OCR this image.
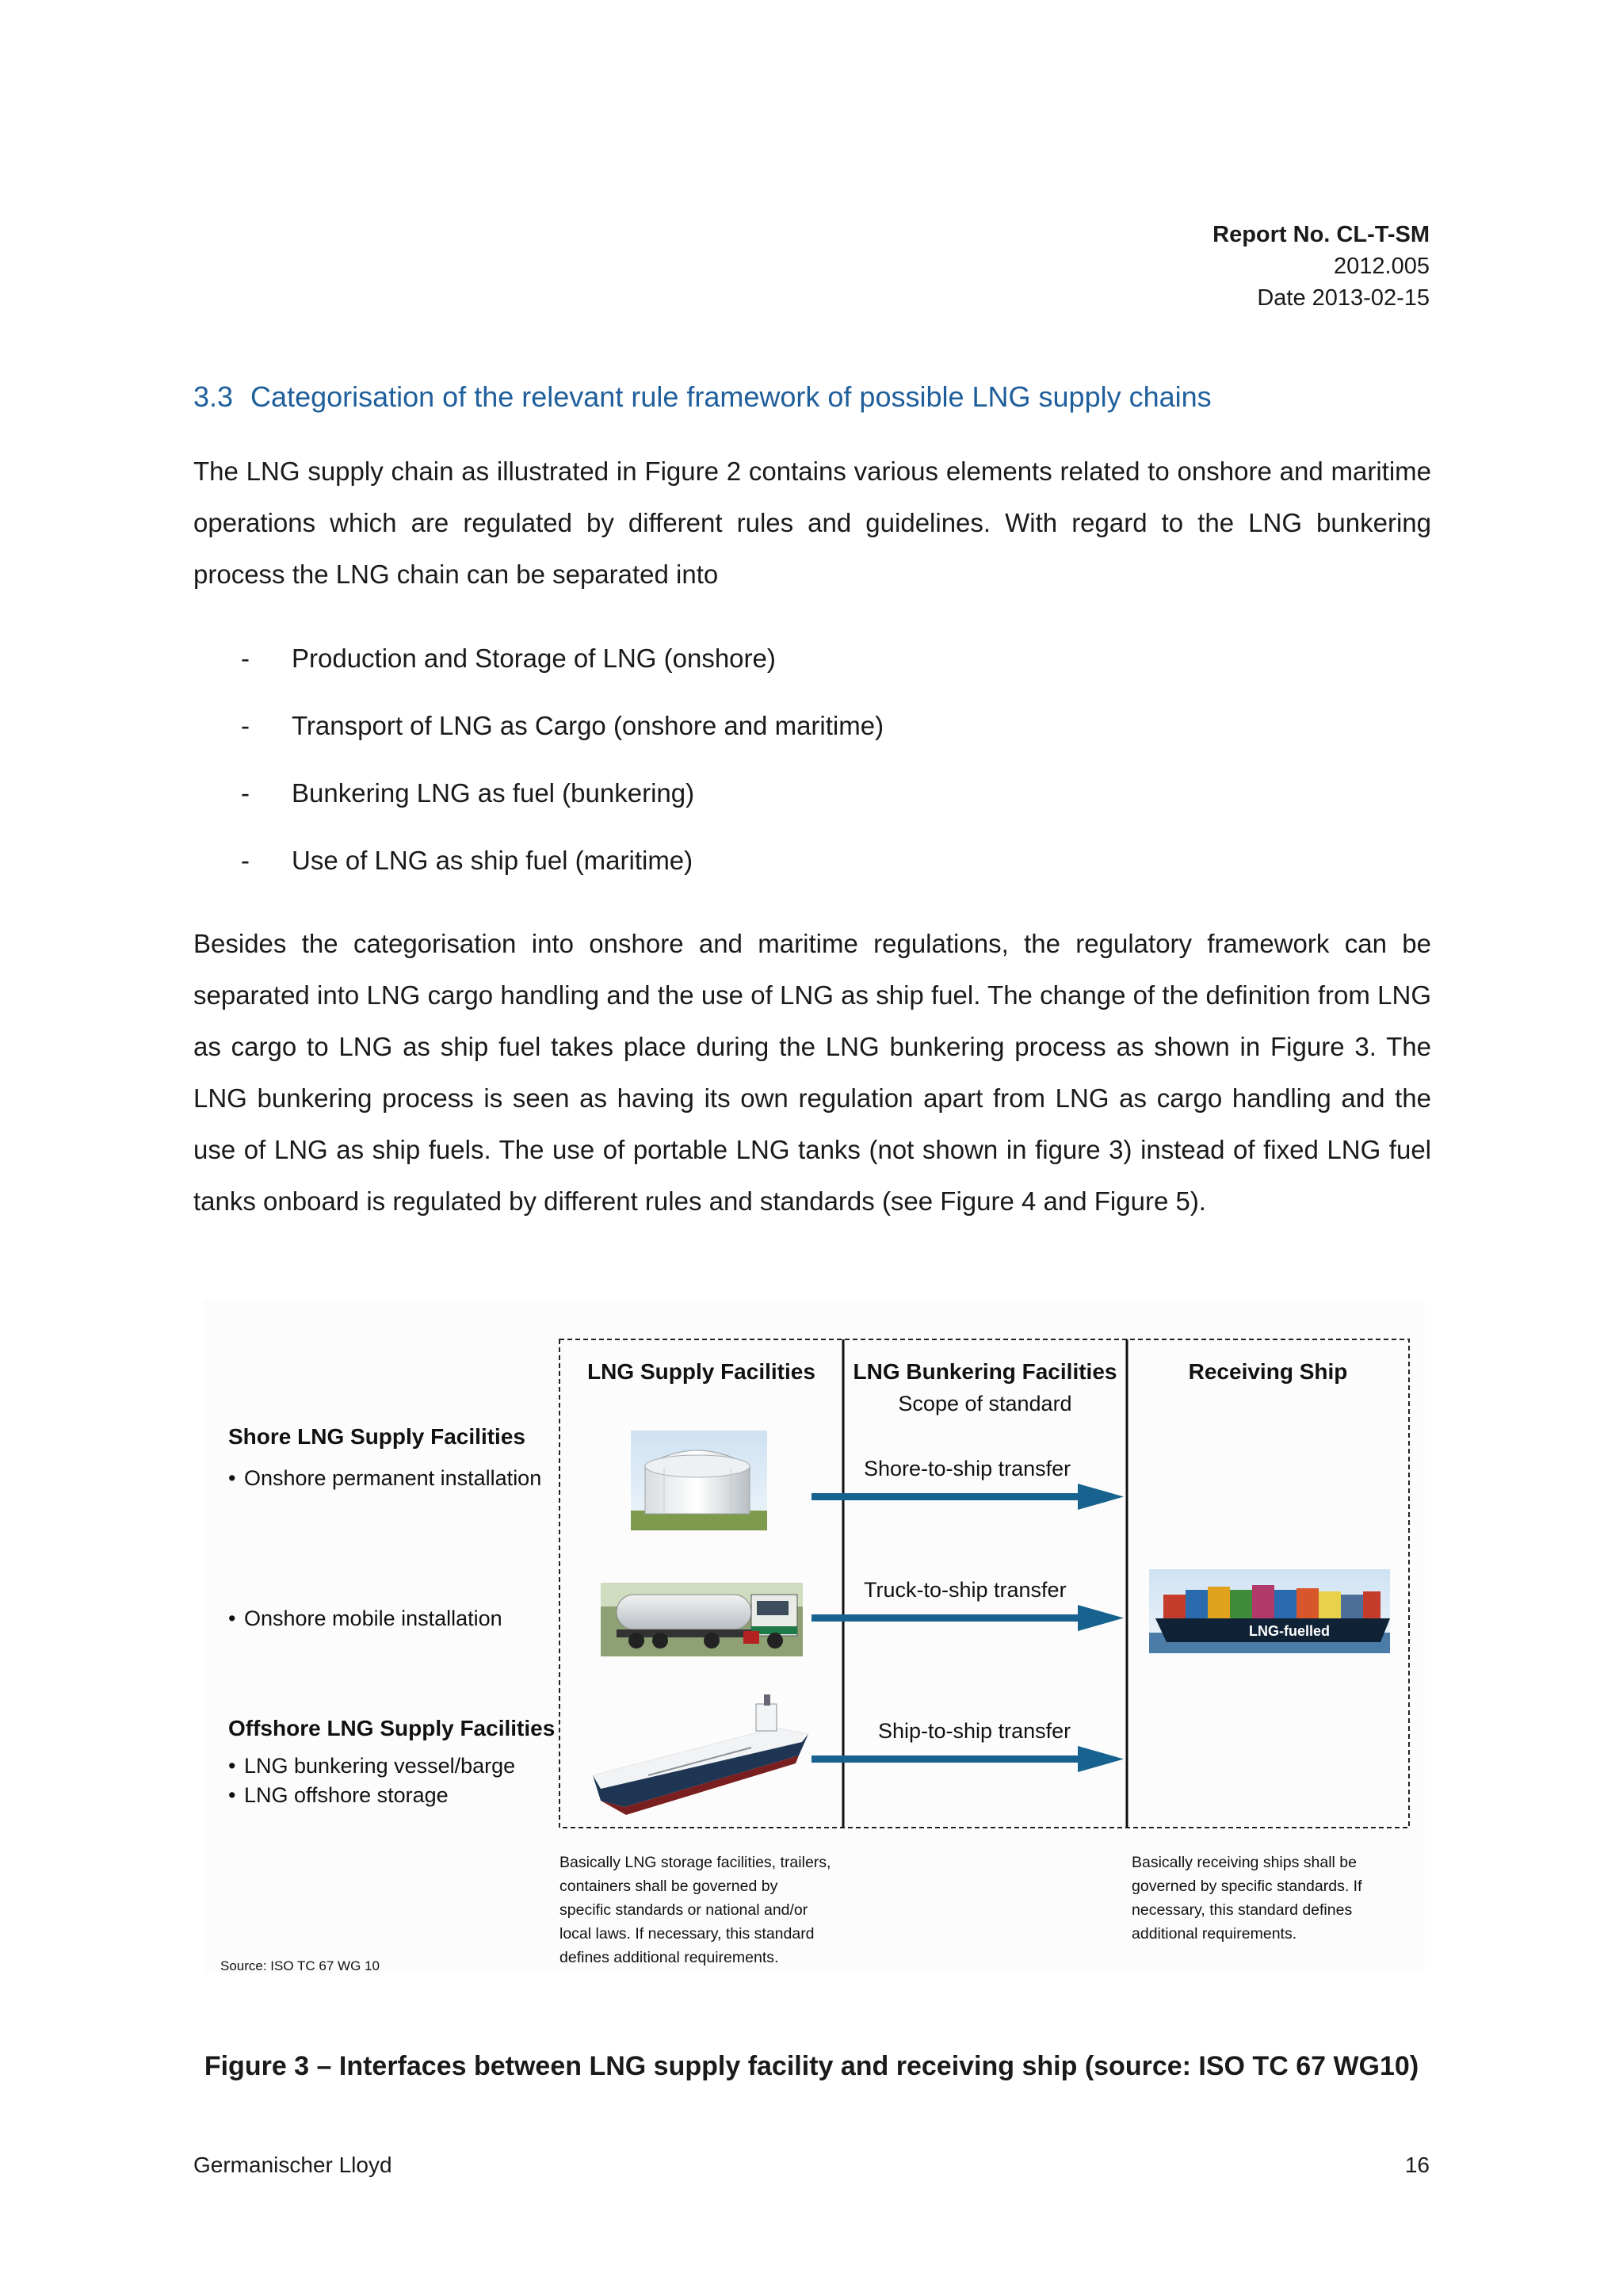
Report No. CL-T-SM
2012.005
Date 2013-02-15
3.3 Categorisation of the relevant rule framework of possible LNG supply chains
The LNG supply chain as illustrated in Figure 2 contains various elements related to onshore and maritime operations which are regulated by different rules and guidelines. With regard to the LNG bunkering process the LNG chain can be separated into
- Production and Storage of LNG (onshore)
- Transport of LNG as Cargo (onshore and maritime)
- Bunkering LNG as fuel (bunkering)
- Use of LNG as ship fuel (maritime)
Besides the categorisation into onshore and maritime regulations, the regulatory framework can be separated into LNG cargo handling and the use of LNG as ship fuel. The change of the definition from LNG as cargo to LNG as ship fuel takes place during the LNG bunkering process as shown in Figure 3. The LNG bunkering process is seen as having its own regulation apart from LNG as cargo handling and the use of LNG as ship fuels. The use of portable LNG tanks (not shown in figure 3) instead of fixed LNG fuel tanks onboard is regulated by different rules and standards (see Figure 4 and Figure 5).
LNG Supply Facilities LNG Bunkering Facilities
Scope of standard
Receiving Ship
Shore LNG Supply Facilities
• Onshore permanent installation
• Onshore mobile installation
Offshore LNG Supply Facilities
• LNG bunkering vessel/barge
• LNG offshore storage
Shore-to-ship transfer
Truck-to-ship transfer
Ship-to-ship transfer
LNG-fuelled
Basically LNG storage facilities, trailers,
containers shall be governed by
specific standards or national and/or
local laws. If necessary, this standard
defines additional requirements.
Basically receiving ships shall be
governed by specific standards. If
necessary, this standard defines
additional requirements.
Source: ISO TC 67 WG 10
Figure 3 – Interfaces between LNG supply facility and receiving ship (source: ISO TC 67 WG10)
Germanischer Lloyd	16
